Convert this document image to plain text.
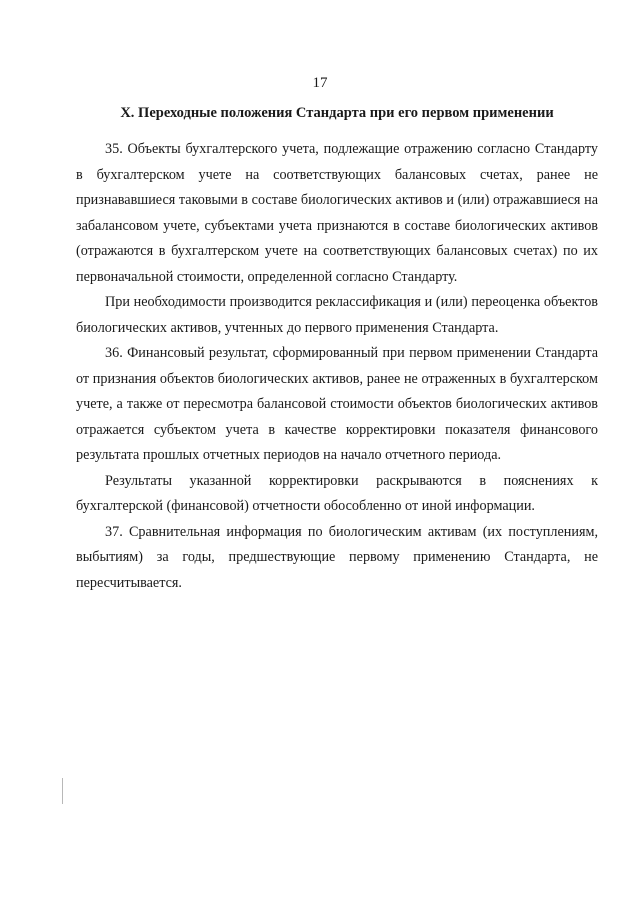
17
X. Переходные положения Стандарта при его первом применении

35. Объекты бухгалтерского учета, подлежащие отражению согласно Стандарту в бухгалтерском учете на соответствующих балансовых счетах, ранее не признававшиеся таковыми в составе биологических активов и (или) отражавшиеся на забалансовом учете, субъектами учета признаются в составе биологических активов (отражаются в бухгалтерском учете на соответствующих балансовых счетах) по их первоначальной стоимости, определенной согласно Стандарту.

При необходимости производится реклассификация и (или) переоценка объектов биологических активов, учтенных до первого применения Стандарта.

36. Финансовый результат, сформированный при первом применении Стандарта от признания объектов биологических активов, ранее не отраженных в бухгалтерском учете, а также от пересмотра балансовой стоимости объектов биологических активов отражается субъектом учета в качестве корректировки показателя финансового результата прошлых отчетных периодов на начало отчетного периода.

Результаты указанной корректировки раскрываются в пояснениях к бухгалтерской (финансовой) отчетности обособленно от иной информации.

37. Сравнительная информация по биологическим активам (их поступлениям, выбытиям) за годы, предшествующие первому применению Стандарта, не пересчитывается.
